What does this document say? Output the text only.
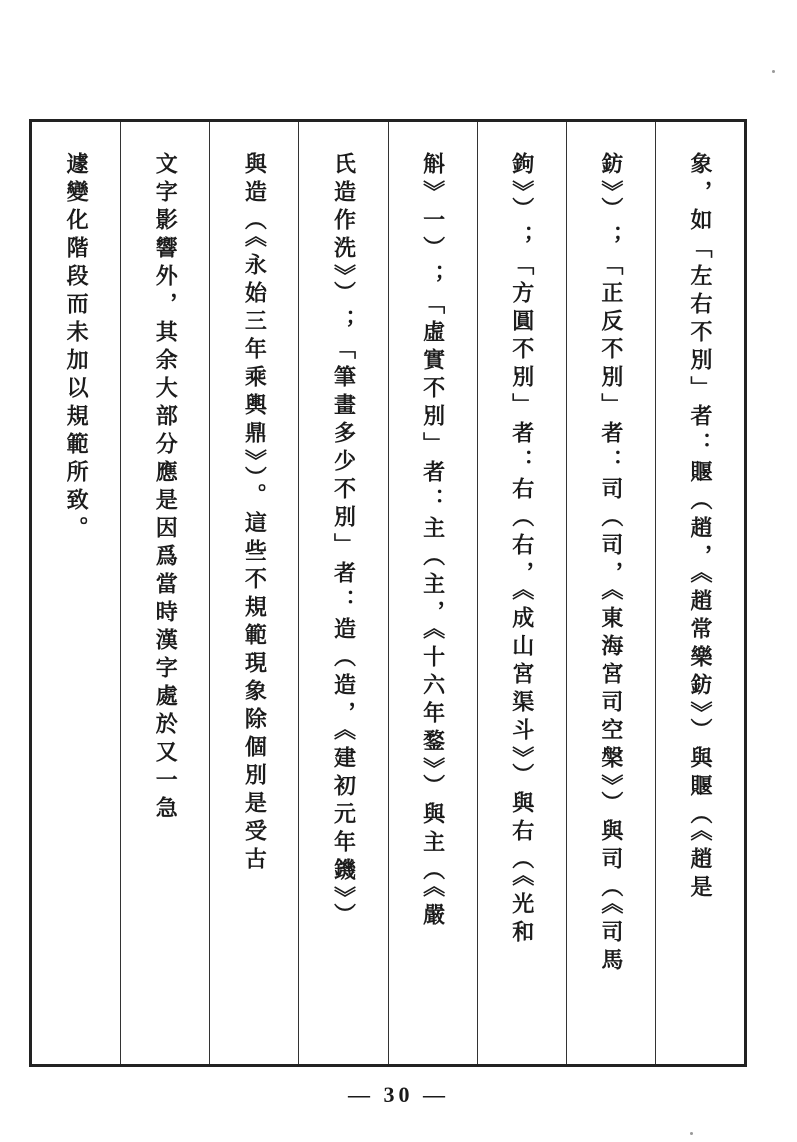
象，如「左右不別」者：䞁（趙，《趙常樂鈁》）與䞁（《趙是
鈁》）；「正反不別」者：司（司，《東海宮司空槃》）與司（《司馬
鉤》）；「方圓不別」者：右（右，《成山宮渠斗》）與右（《光和
斛》一）；「虛實不別」者：主（主，《十六年鍪》）與主（《嚴
氏造作洗》）；「筆畫多少不別」者：造（造，《建初元年鐖》）
與造（《永始三年乘輿鼎》）。這些不規範現象除個別是受古
文字影響外，其余大部分應是因爲當時漢字處於又一急
遽變化階段而未加以規範所致。
— 30 —
